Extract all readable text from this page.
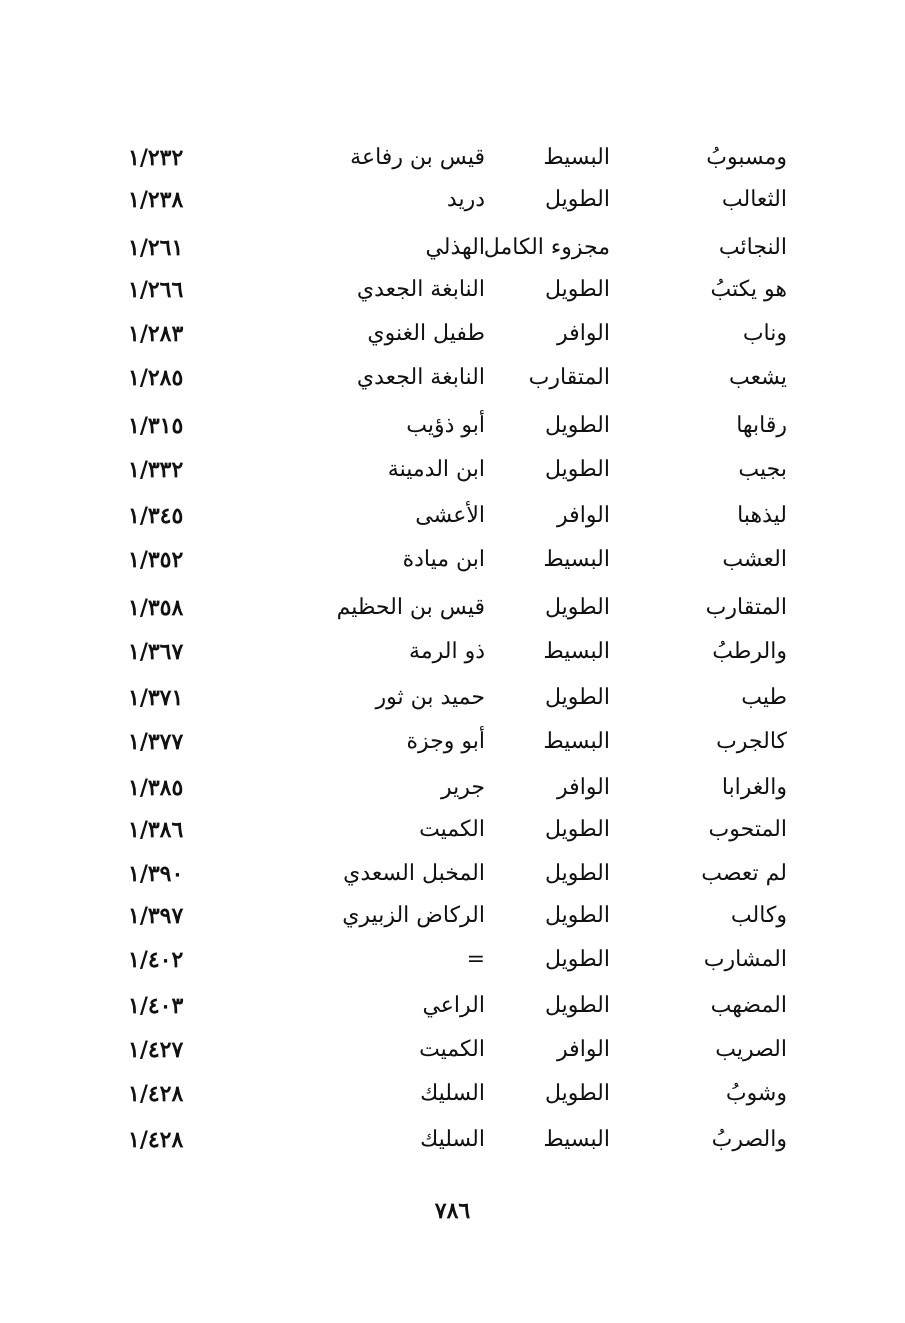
ومسبوبُ
البسيط
قيس بن رفاعة
١/٢٣٢
الثعالب
الطويل
دريد
١/٢٣٨
النجائب
مجزوء الكامل
الهذلي
١/٢٦١
هو يكتبُ
الطويل
النابغة الجعدي
١/٢٦٦
وناب
الوافر
طفيل الغنوي
١/٢٨٣
يشعب
المتقارب
النابغة الجعدي
١/٢٨٥
رقابها
الطويل
أبو ذؤيب
١/٣١٥
بجيب
الطويل
ابن الدمينة
١/٣٣٢
ليذهبا
الوافر
الأعشى
١/٣٤٥
العشب
البسيط
ابن ميادة
١/٣٥٢
المتقارب
الطويل
قيس بن الحظيم
١/٣٥٨
والرطبُ
البسيط
ذو الرمة
١/٣٦٧
طيب
الطويل
حميد بن ثور
١/٣٧١
كالجرب
البسيط
أبو وجزة
١/٣٧٧
والغرابا
الوافر
جرير
١/٣٨٥
المتحوب
الطويل
الكميت
١/٣٨٦
لم تعصب
الطويل
المخبل السعدي
١/٣٩٠
وكالب
الطويل
الركاض الزبيري
١/٣٩٧
المشارب
الطويل
=
١/٤٠٢
المضهب
الطويل
الراعي
١/٤٠٣
الصريب
الوافر
الكميت
١/٤٢٧
وشوبُ
الطويل
السليك
١/٤٢٨
والصربُ
البسيط
السليك
١/٤٢٨
٧٨٦
